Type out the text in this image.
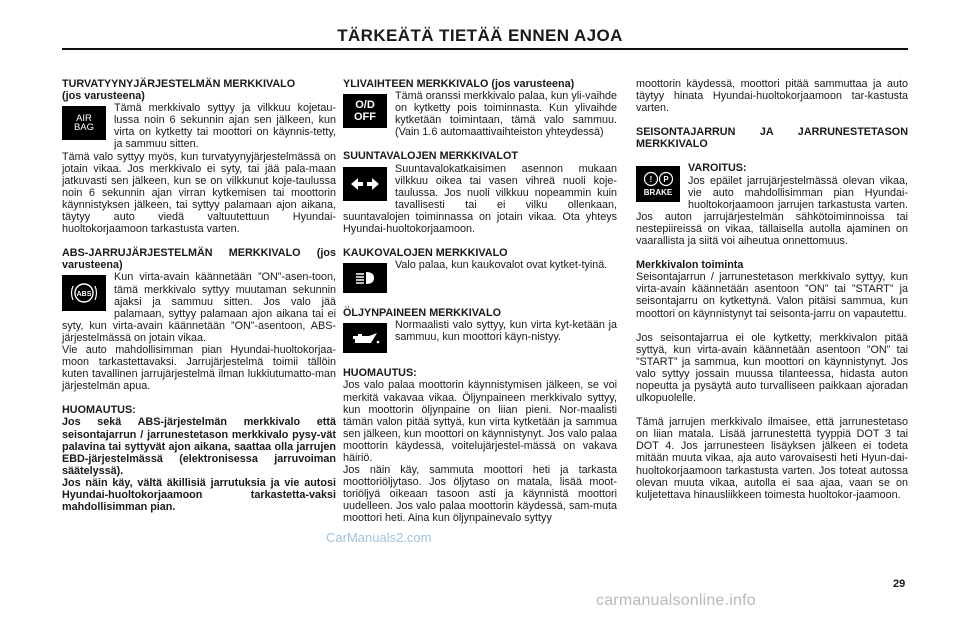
TÄRKEÄTÄ TIETÄÄ ENNEN AJOA

TURVATYYNYJÄRJESTELMÄN MERKKIVALO

(jos varusteena)

AIR
BAG

Tämä merkkivalo syttyy ja vilkkuu kojetau-lussa noin 6 sekunnin ajan sen jälkeen, kun virta on kytketty tai moottori on käynnis-tetty, ja sammuu sitten.

Tämä valo syttyy myös, kun turvatyynyjärjestelmässä on jotain vikaa. Jos merkkivalo ei syty, tai jää pala-maan jatkuvasti sen jälkeen, kun se on vilkkunut koje-taulussa noin 6 sekunnin ajan virran kytkemisen tai moottorin käynnistyksen jälkeen, tai syttyy palamaan ajon aikana, täytyy auto viedä valtuutettuun Hyundai-huoltokorjaamoon tarkastusta varten.

ABS-JARRUJÄRJESTELMÄN MERKKIVALO (jos varusteena)

ABS

Kun virta-avain käännetään ”ON”-asen-toon, tämä merkkivalo syttyy muutaman sekunnin ajaksi ja sammuu sitten. Jos valo jää palamaan, syttyy palamaan ajon aikana tai ei syty, kun virta-avain käännetään ”ON”-asentoon, ABS-järjestelmässä on jotain vikaa.

Vie auto mahdollisimman pian Hyundai-huoltokorjaa-moon tarkastettavaksi. Jarrujärjestelmä toimii tällöin kuten tavallinen jarrujärjestelmä ilman lukkiutumatto-man järjestelmän apua.

HUOMAUTUS:

Jos sekä ABS-järjestelmän merkkivalo että seisontajarrun / jarrunestetason merkkivalo pysy-vät palavina tai syttyvät ajon aikana, saattaa olla jarrujen EBD-järjestelmässä (elektronisessa jarruvoiman säätelyssä).

Jos näin käy, vältä äkillisiä jarrutuksia ja vie autosi Hyundai-huoltokorjaamoon tarkastetta-vaksi mahdollisimman pian.

YLIVAIHTEEN MERKKIVALO (jos varusteena)

O/D
OFF

Tämä oranssi merkkivalo palaa, kun yli-vaihde on kytketty pois toiminnasta. Kun ylivaihde kytketään toimintaan, tämä valo sammuu. (Vain 1.6 automaattivaihteiston yhteydessä)

SUUNTAVALOJEN MERKKIVALOT

Suuntavalokatkaisimen asennon mukaan vilkkuu oikea tai vasen vihreä nuoli koje-taulussa. Jos nuoli vilkkuu nopeammin kuin tavallisesti tai ei vilku ollenkaan, suuntavalojen toiminnassa on jotain vikaa. Ota yhteys Hyundai-huoltokorjaamoon.

KAUKOVALOJEN MERKKIVALO

Valo palaa, kun kaukovalot ovat kytket-tyinä.

ÖLJYNPAINEEN MERKKIVALO

Normaalisti valo syttyy, kun virta kyt-ketään ja sammuu, kun moottori käyn-nistyy.

HUOMAUTUS:

Jos valo palaa moottorin käynnistymisen jälkeen, se voi merkitä vakavaa vikaa. Öljynpaineen merkkivalo syttyy, kun moottorin öljynpaine on liian pieni. Nor-maalisti tämän valon pitää syttyä, kun virta kytketään ja sammua sen jälkeen, kun moottori on käynnistynyt. Jos valo palaa moottorin käydessä, voitelujärjestel-mässä on vakava häiriö.

Jos näin käy, sammuta moottori heti ja tarkasta moottoriöljytaso. Jos öljytaso on matala, lisää moot-toriöljyä oikeaan tasoon asti ja käynnistä moottori uudelleen. Jos valo palaa moottorin käydessä, sam-muta moottori heti. Aina kun öljynpainevalo syttyy

moottorin käydessä, moottori pitää sammuttaa ja auto täytyy hinata Hyundai-huoltokorjaamoon tar-kastusta varten.

SEISONTAJARRUN JA JARRUNESTETASON MERKKIVALO

! P
BRAKE

VAROITUS:

Jos epäilet jarrujärjestelmässä olevan vikaa, vie auto mahdollisimman pian Hyundai-huoltokorjaamoon jarrujen tarkastusta varten. Jos auton jarrujärjestelmän sähkötoiminnoissa tai nestepiireissä on vikaa, tällaisella autolla ajaminen on vaarallista ja siitä voi aiheutua onnettomuus.

Merkkivalon toiminta

Seisontajarrun / jarrunestetason merkkivalo syttyy, kun virta-avain käännetään asentoon ”ON” tai ”START” ja seisontajarru on kytkettynä. Valon pitäisi sammua, kun moottori on käynnistynyt tai seisonta-jarru on vapautettu.

Jos seisontajarrua ei ole kytketty, merkkivalon pitää syttyä, kun virta-avain käännetään asentoon ”ON” tai ”START” ja sammua, kun moottori on käynnistynyt. Jos valo syttyy jossain muussa tilanteessa, hidasta auton nopeutta ja pysäytä auto turvalliseen paikkaan ajoradan ulkopuolelle.

Tämä jarrujen merkkivalo ilmaisee, että jarrunestetaso on liian matala. Lisää jarrunestettä tyyppiä DOT 3 tai DOT 4. Jos jarrunesteen lisäyksen jälkeen ei todeta mitään muuta vikaa, aja auto varovaisesti heti Hyun-dai-huoltokorjaamoon tarkastusta varten. Jos toteat autossa olevan muuta vikaa, autolla ei saa ajaa, vaan se on kuljetettava hinausliikkeen toimesta huoltokor-jaamoon.

29
CarManuals2.com
carmanualsonline.info
